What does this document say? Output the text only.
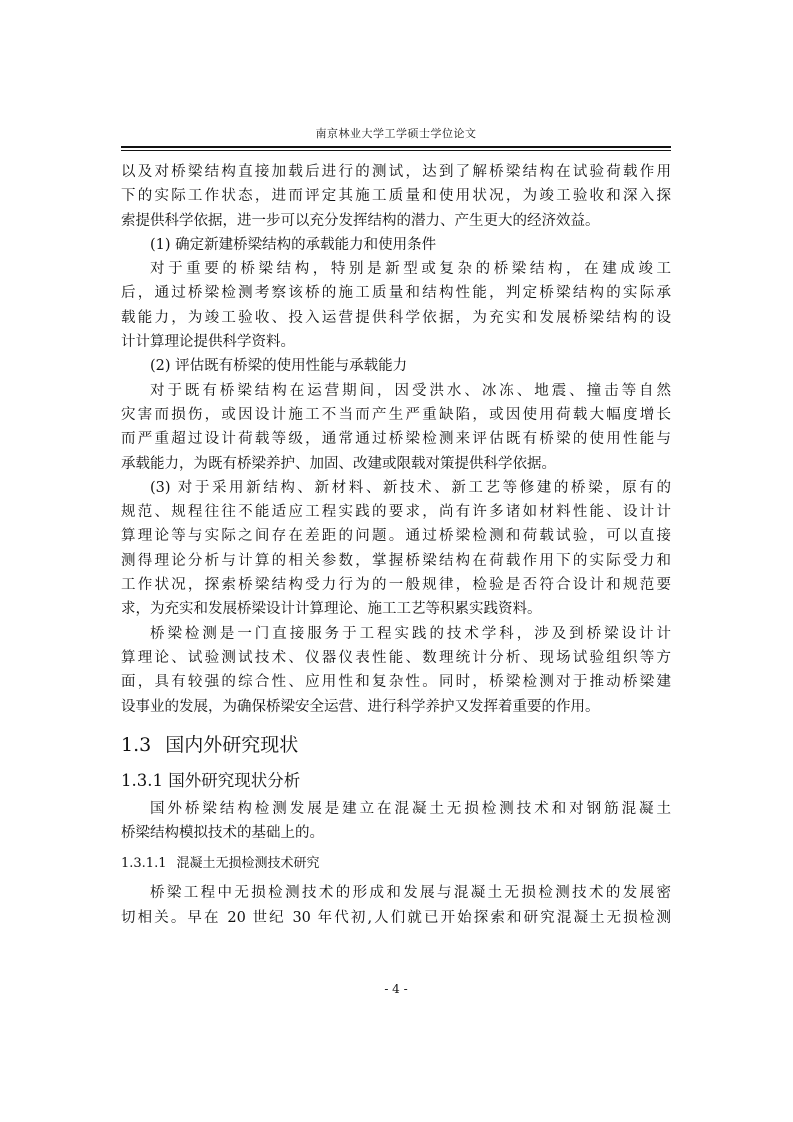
南京林业大学工学硕士学位论文
以及对桥梁结构直接加载后进行的测试，达到了解桥梁结构在试验荷载作用
下的实际工作状态，进而评定其施工质量和使用状况，为竣工验收和深入探
索提供科学依据，进一步可以充分发挥结构的潜力、产生更大的经济效益。
(1) 确定新建桥梁结构的承载能力和使用条件
对于重要的桥梁结构，特别是新型或复杂的桥梁结构，在建成竣工
后，通过桥梁检测考察该桥的施工质量和结构性能，判定桥梁结构的实际承
载能力，为竣工验收、投入运营提供科学依据，为充实和发展桥梁结构的设
计计算理论提供科学资料。
(2) 评估既有桥梁的使用性能与承载能力
对于既有桥梁结构在运营期间，因受洪水、冰冻、地震、撞击等自然
灾害而损伤，或因设计施工不当而产生严重缺陷，或因使用荷载大幅度增长
而严重超过设计荷载等级，通常通过桥梁检测来评估既有桥梁的使用性能与
承载能力，为既有桥梁养护、加固、改建或限载对策提供科学依据。
(3) 对于采用新结构、新材料、新技术、新工艺等修建的桥梁，原有的
规范、规程往往不能适应工程实践的要求，尚有许多诸如材料性能、设计计
算理论等与实际之间存在差距的问题。通过桥梁检测和荷载试验，可以直接
测得理论分析与计算的相关参数，掌握桥梁结构在荷载作用下的实际受力和
工作状况，探索桥梁结构受力行为的一般规律，检验是否符合设计和规范要
求，为充实和发展桥梁设计计算理论、施工工艺等积累实践资料。
桥梁检测是一门直接服务于工程实践的技术学科，涉及到桥梁设计计
算理论、试验测试技术、仪器仪表性能、数理统计分析、现场试验组织等方
面，具有较强的综合性、应用性和复杂性。同时，桥梁检测对于推动桥梁建
设事业的发展，为确保桥梁安全运营、进行科学养护又发挥着重要的作用。
1.3 国内外研究现状
1.3.1 国外研究现状分析
国外桥梁结构检测发展是建立在混凝土无损检测技术和对钢筋混凝土
桥梁结构模拟技术的基础上的。
1.3.1.1 混凝土无损检测技术研究
桥梁工程中无损检测技术的形成和发展与混凝土无损检测技术的发展密
切相关。早在 20 世纪 30 年代初,人们就已开始探索和研究混凝土无损检测
- 4 -
